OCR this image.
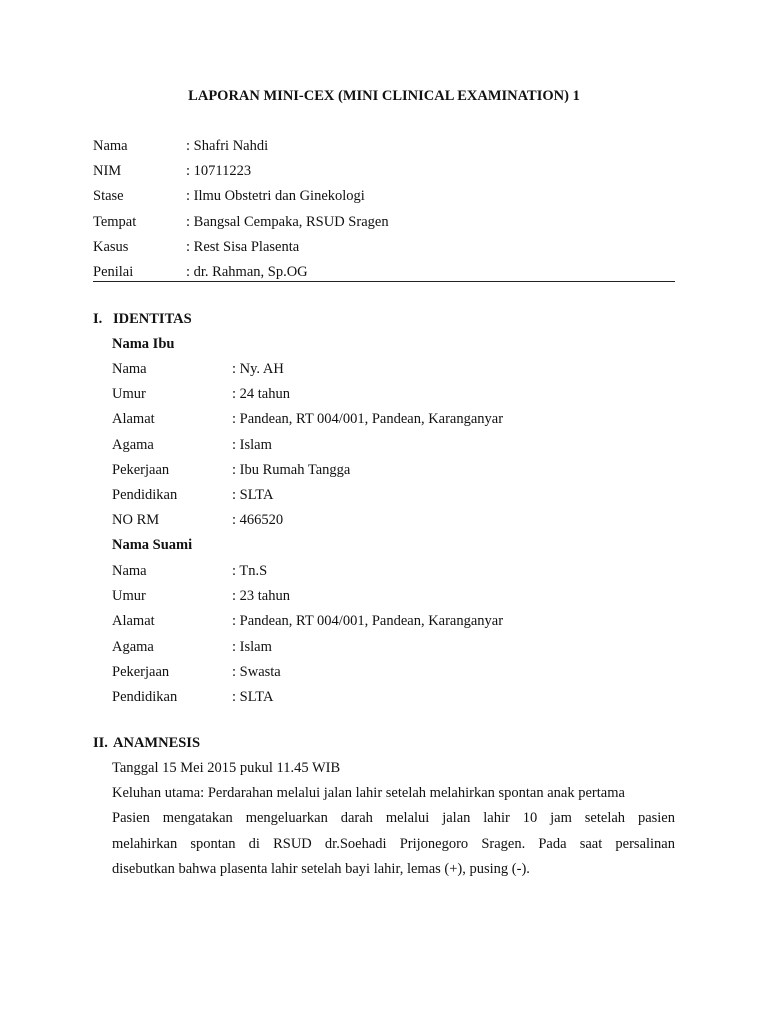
LAPORAN MINI-CEX (MINI CLINICAL EXAMINATION) 1
Nama	: Shafri Nahdi
NIM	: 10711223
Stase	: Ilmu Obstetri dan Ginekologi
Tempat	: Bangsal Cempaka, RSUD Sragen
Kasus	: Rest Sisa Plasenta
Penilai	: dr. Rahman, Sp.OG
I. IDENTITAS
Nama Ibu
Nama	: Ny. AH
Umur	: 24 tahun
Alamat	: Pandean, RT 004/001, Pandean, Karanganyar
Agama	: Islam
Pekerjaan	: Ibu Rumah Tangga
Pendidikan	: SLTA
NO RM	: 466520
Nama Suami
Nama	: Tn.S
Umur	: 23 tahun
Alamat	: Pandean, RT 004/001, Pandean, Karanganyar
Agama	: Islam
Pekerjaan	: Swasta
Pendidikan	: SLTA
II. ANAMNESIS

Tanggal 15 Mei 2015 pukul 11.45 WIB

Keluhan utama: Perdarahan melalui jalan lahir setelah melahirkan spontan anak pertama

Pasien mengatakan mengeluarkan darah melalui jalan lahir 10 jam setelah pasien

melahirkan spontan di RSUD dr.Soehadi Prijonegoro Sragen. Pada saat persalinan

disebutkan bahwa plasenta lahir setelah bayi lahir, lemas (+), pusing (-).
